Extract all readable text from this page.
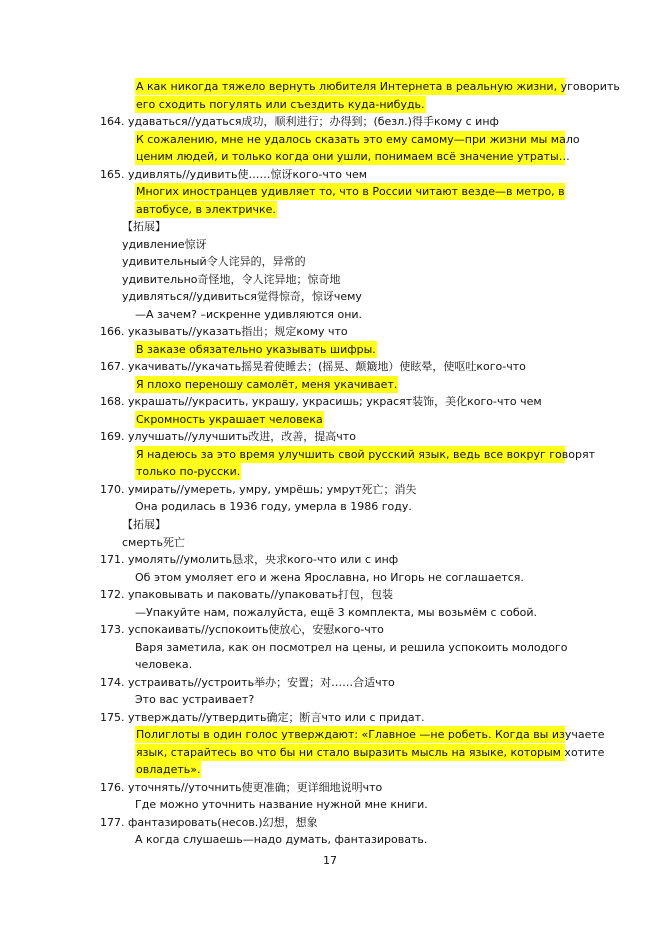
А как никогда тяжело вернуть любителя Интернета в реальную жизни, уговорить
его сходить погулять или съездить куда-нибудь.
164. удаваться//удаться成功，顺利进行；办得到；(безл.)得手кому с инф
К сожалению, мне не удалось сказать это ему самому—при жизни мы мало
ценим людей, и только когда они ушли, понимаем всё значение утраты…
165. удивлять//удивить使……惊讶кого-что чем
Многих иностранцев удивляет то, что в России читают везде—в метро, в
автобусе, в электричке.
【拓展】
удивление惊讶
удивительный令人诧异的，异常的
удивительно奇怪地，令人诧异地；惊奇地
удивляться//удивиться觉得惊奇，惊讶чему
—А зачем? –искренне удивляются они.
166. указывать//указать指出；规定кому что
В заказе обязательно указывать шифры.
167. укачивать//укачать摇晃着使睡去；(摇晃、颠簸地）使眩晕，使呕吐кого-что
Я плохо переношу самолёт, меня укачивает.
168. украшать//украсить, украшу, украсишь; украсят装饰，美化кого-что чем
Скромность украшает человека
169. улучшать//улучшить改进，改善，提高что
Я надеюсь за это время улучшить свой русский язык, ведь все вокруг говорят
только по-русски.
170. умирать//умереть, умру, умрёшь; умрут死亡；消失
Она родилась в 1936 году, умерла в 1986 году.
【拓展】
смерть死亡
171. умолять//умолить恳求，央求кого-что или с инф
Об этом умоляет его и жена Ярославна, но Игорь не соглашается.
172. упаковывать и паковать//упаковать打包，包装
—Упакуйте нам, пожалуйста, ещё 3 комплекта, мы возьмём с собой.
173. успокаивать//успокоить使放心，安慰кого-что
Варя заметила, как он посмотрел на цены, и решила успокоить молодого
человека.
174. устраивать//устроить举办；安置；对……合适что
Это вас устраивает?
175. утверждать//утвердить确定；断言что или с придат.
Полиглоты в один голос утверждают: «Главное —не робеть. Когда вы изучаете
язык, старайтесь во что бы ни стало выразить мысль на языке, которым хотите
овладеть».
176. уточнять//уточнить使更准确；更详细地说明что
Где можно уточнить название нужной мне книги.
177. фантазировать(несов.)幻想，想象
А когда слушаешь—надо думать, фантазировать.
17
